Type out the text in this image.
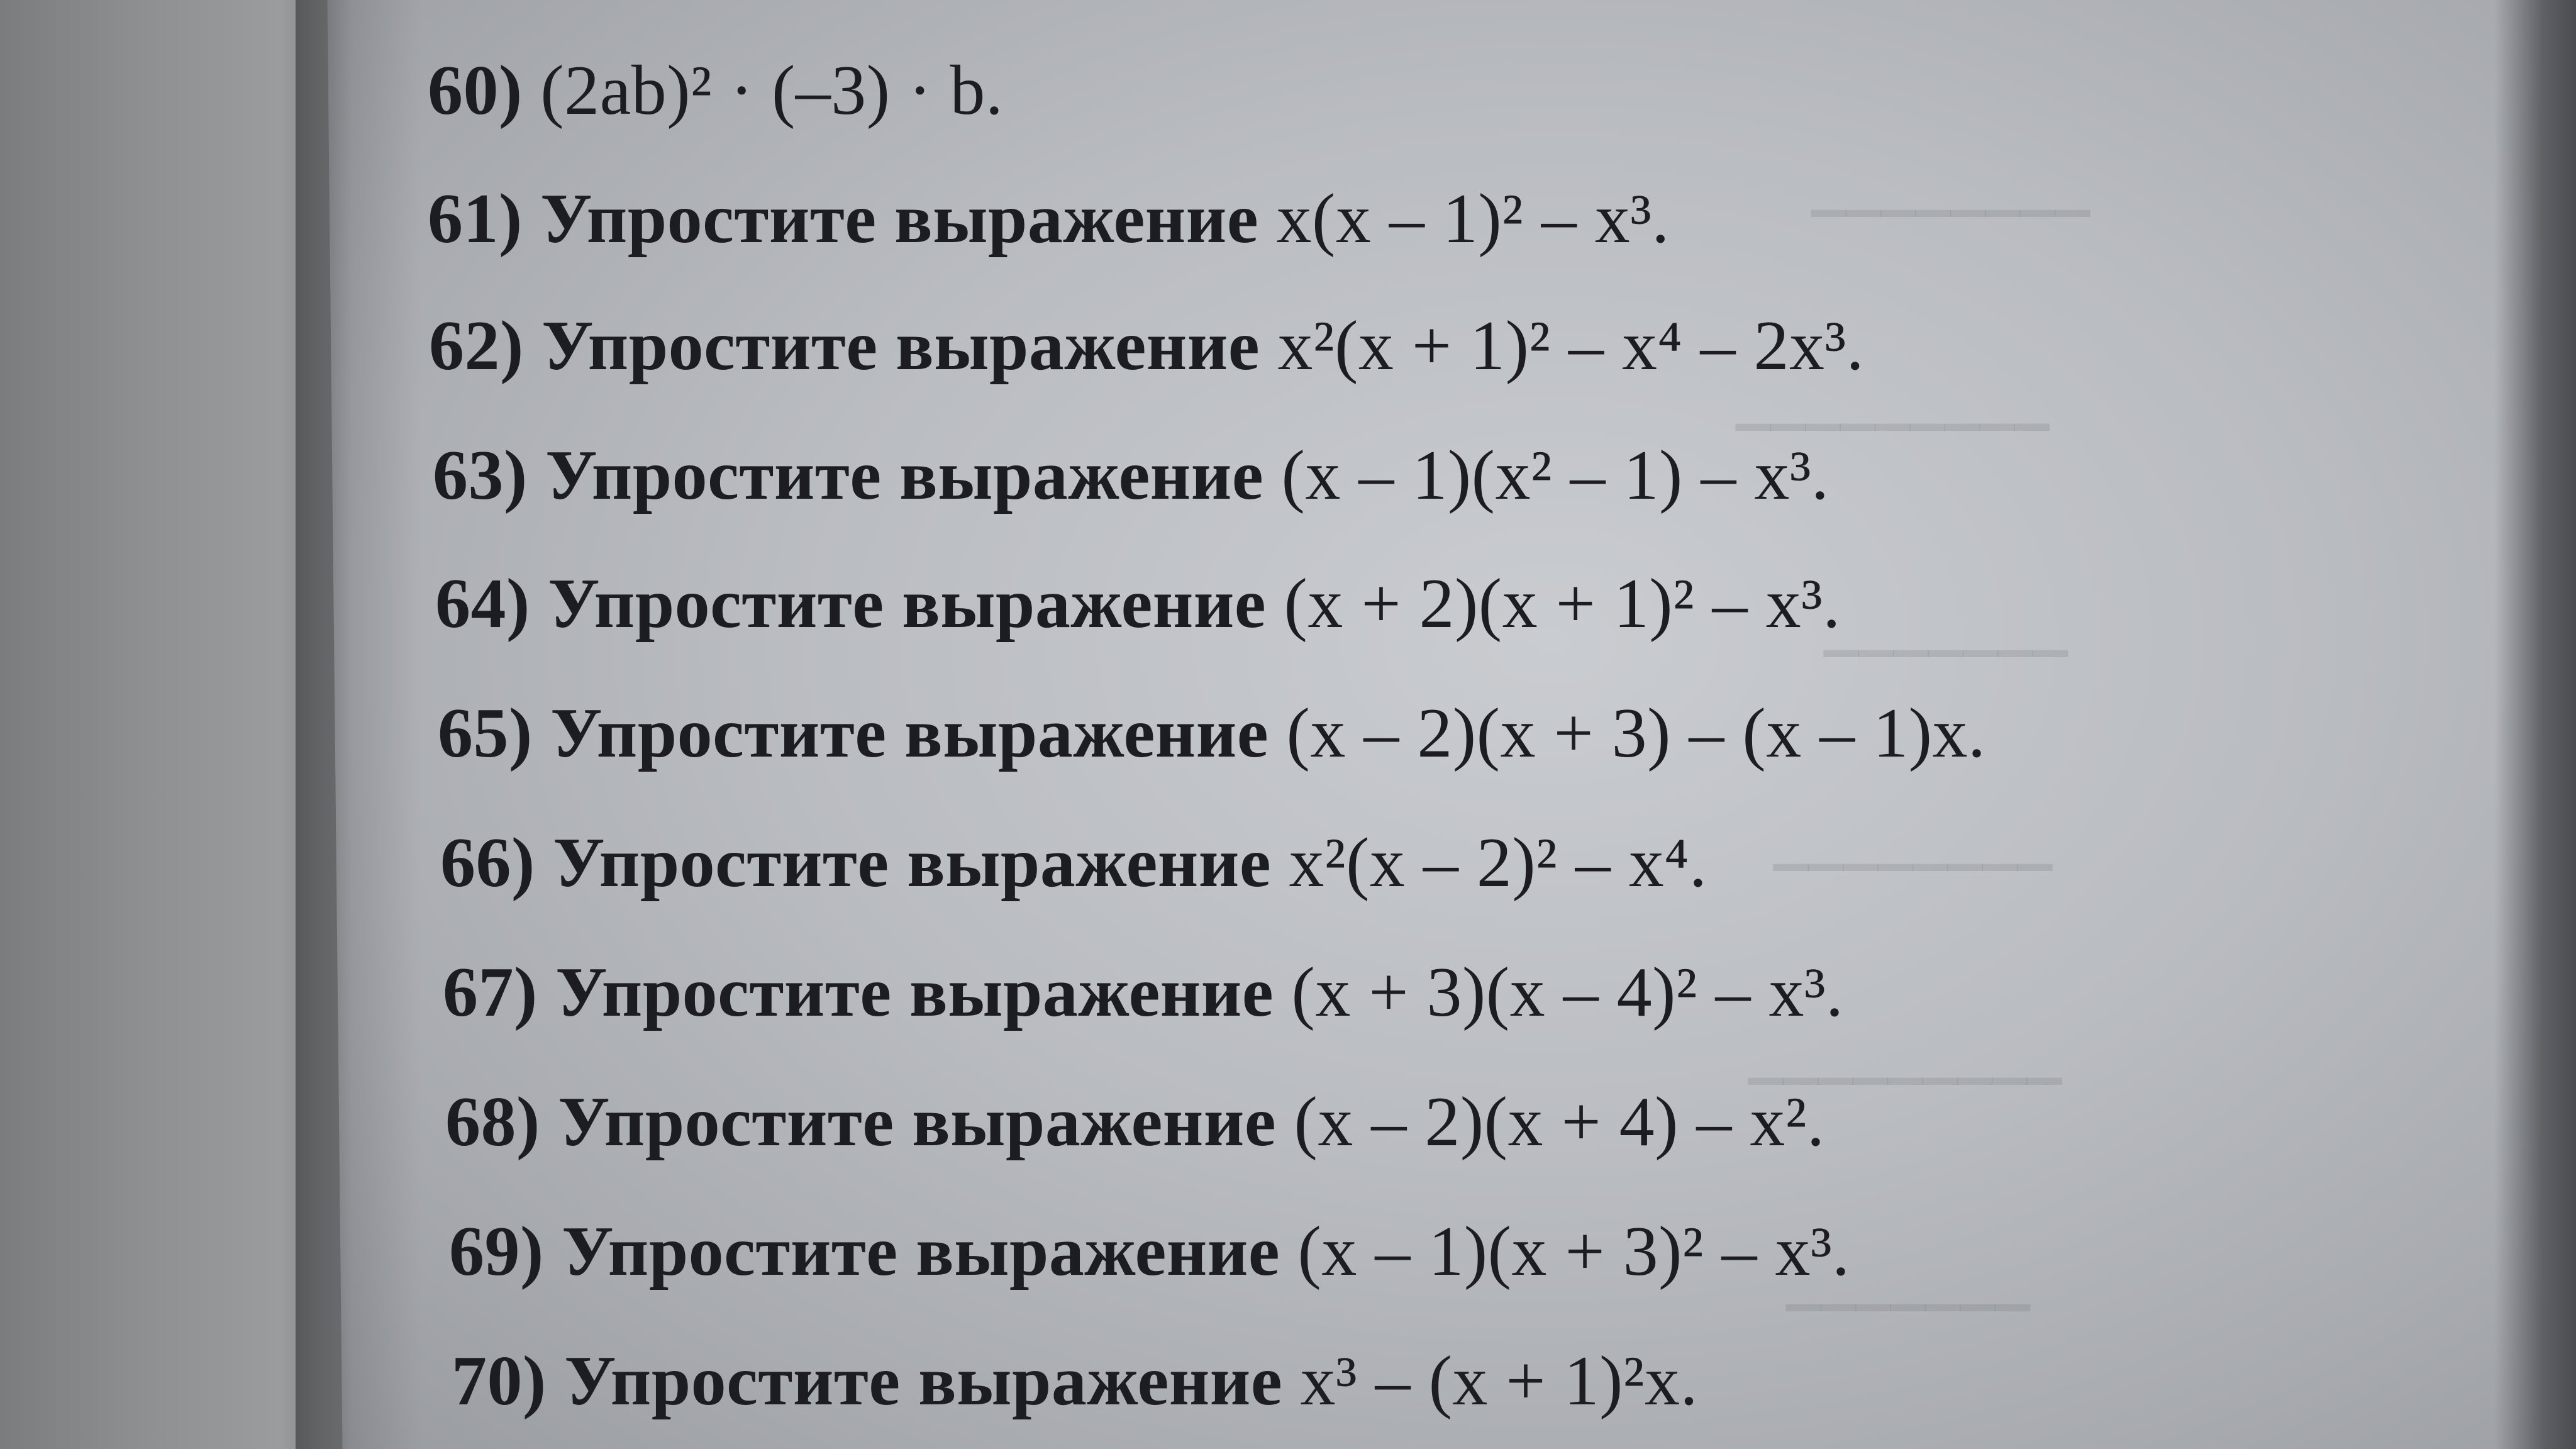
▁▁▁▁▁▁▁▁
▁▁▁▁▁▁▁▁▁
▁▁▁▁▁▁▁
▁▁▁▁▁▁▁▁
▁▁▁▁▁▁▁▁▁
▁▁▁▁▁▁▁
60) (2ab)² · (–3) · b.
61) Упростите выражение x(x – 1)² – x³.
62) Упростите выражение x²(x + 1)² – x⁴ – 2x³.
63) Упростите выражение (x – 1)(x² – 1) – x³.
64) Упростите выражение (x + 2)(x + 1)² – x³.
65) Упростите выражение (x – 2)(x + 3) – (x – 1)x.
66) Упростите выражение x²(x – 2)² – x⁴.
67) Упростите выражение (x + 3)(x – 4)² – x³.
68) Упростите выражение (x – 2)(x + 4) – x².
69) Упростите выражение (x – 1)(x + 3)² – x³.
70) Упростите выражение x³ – (x + 1)²x.
